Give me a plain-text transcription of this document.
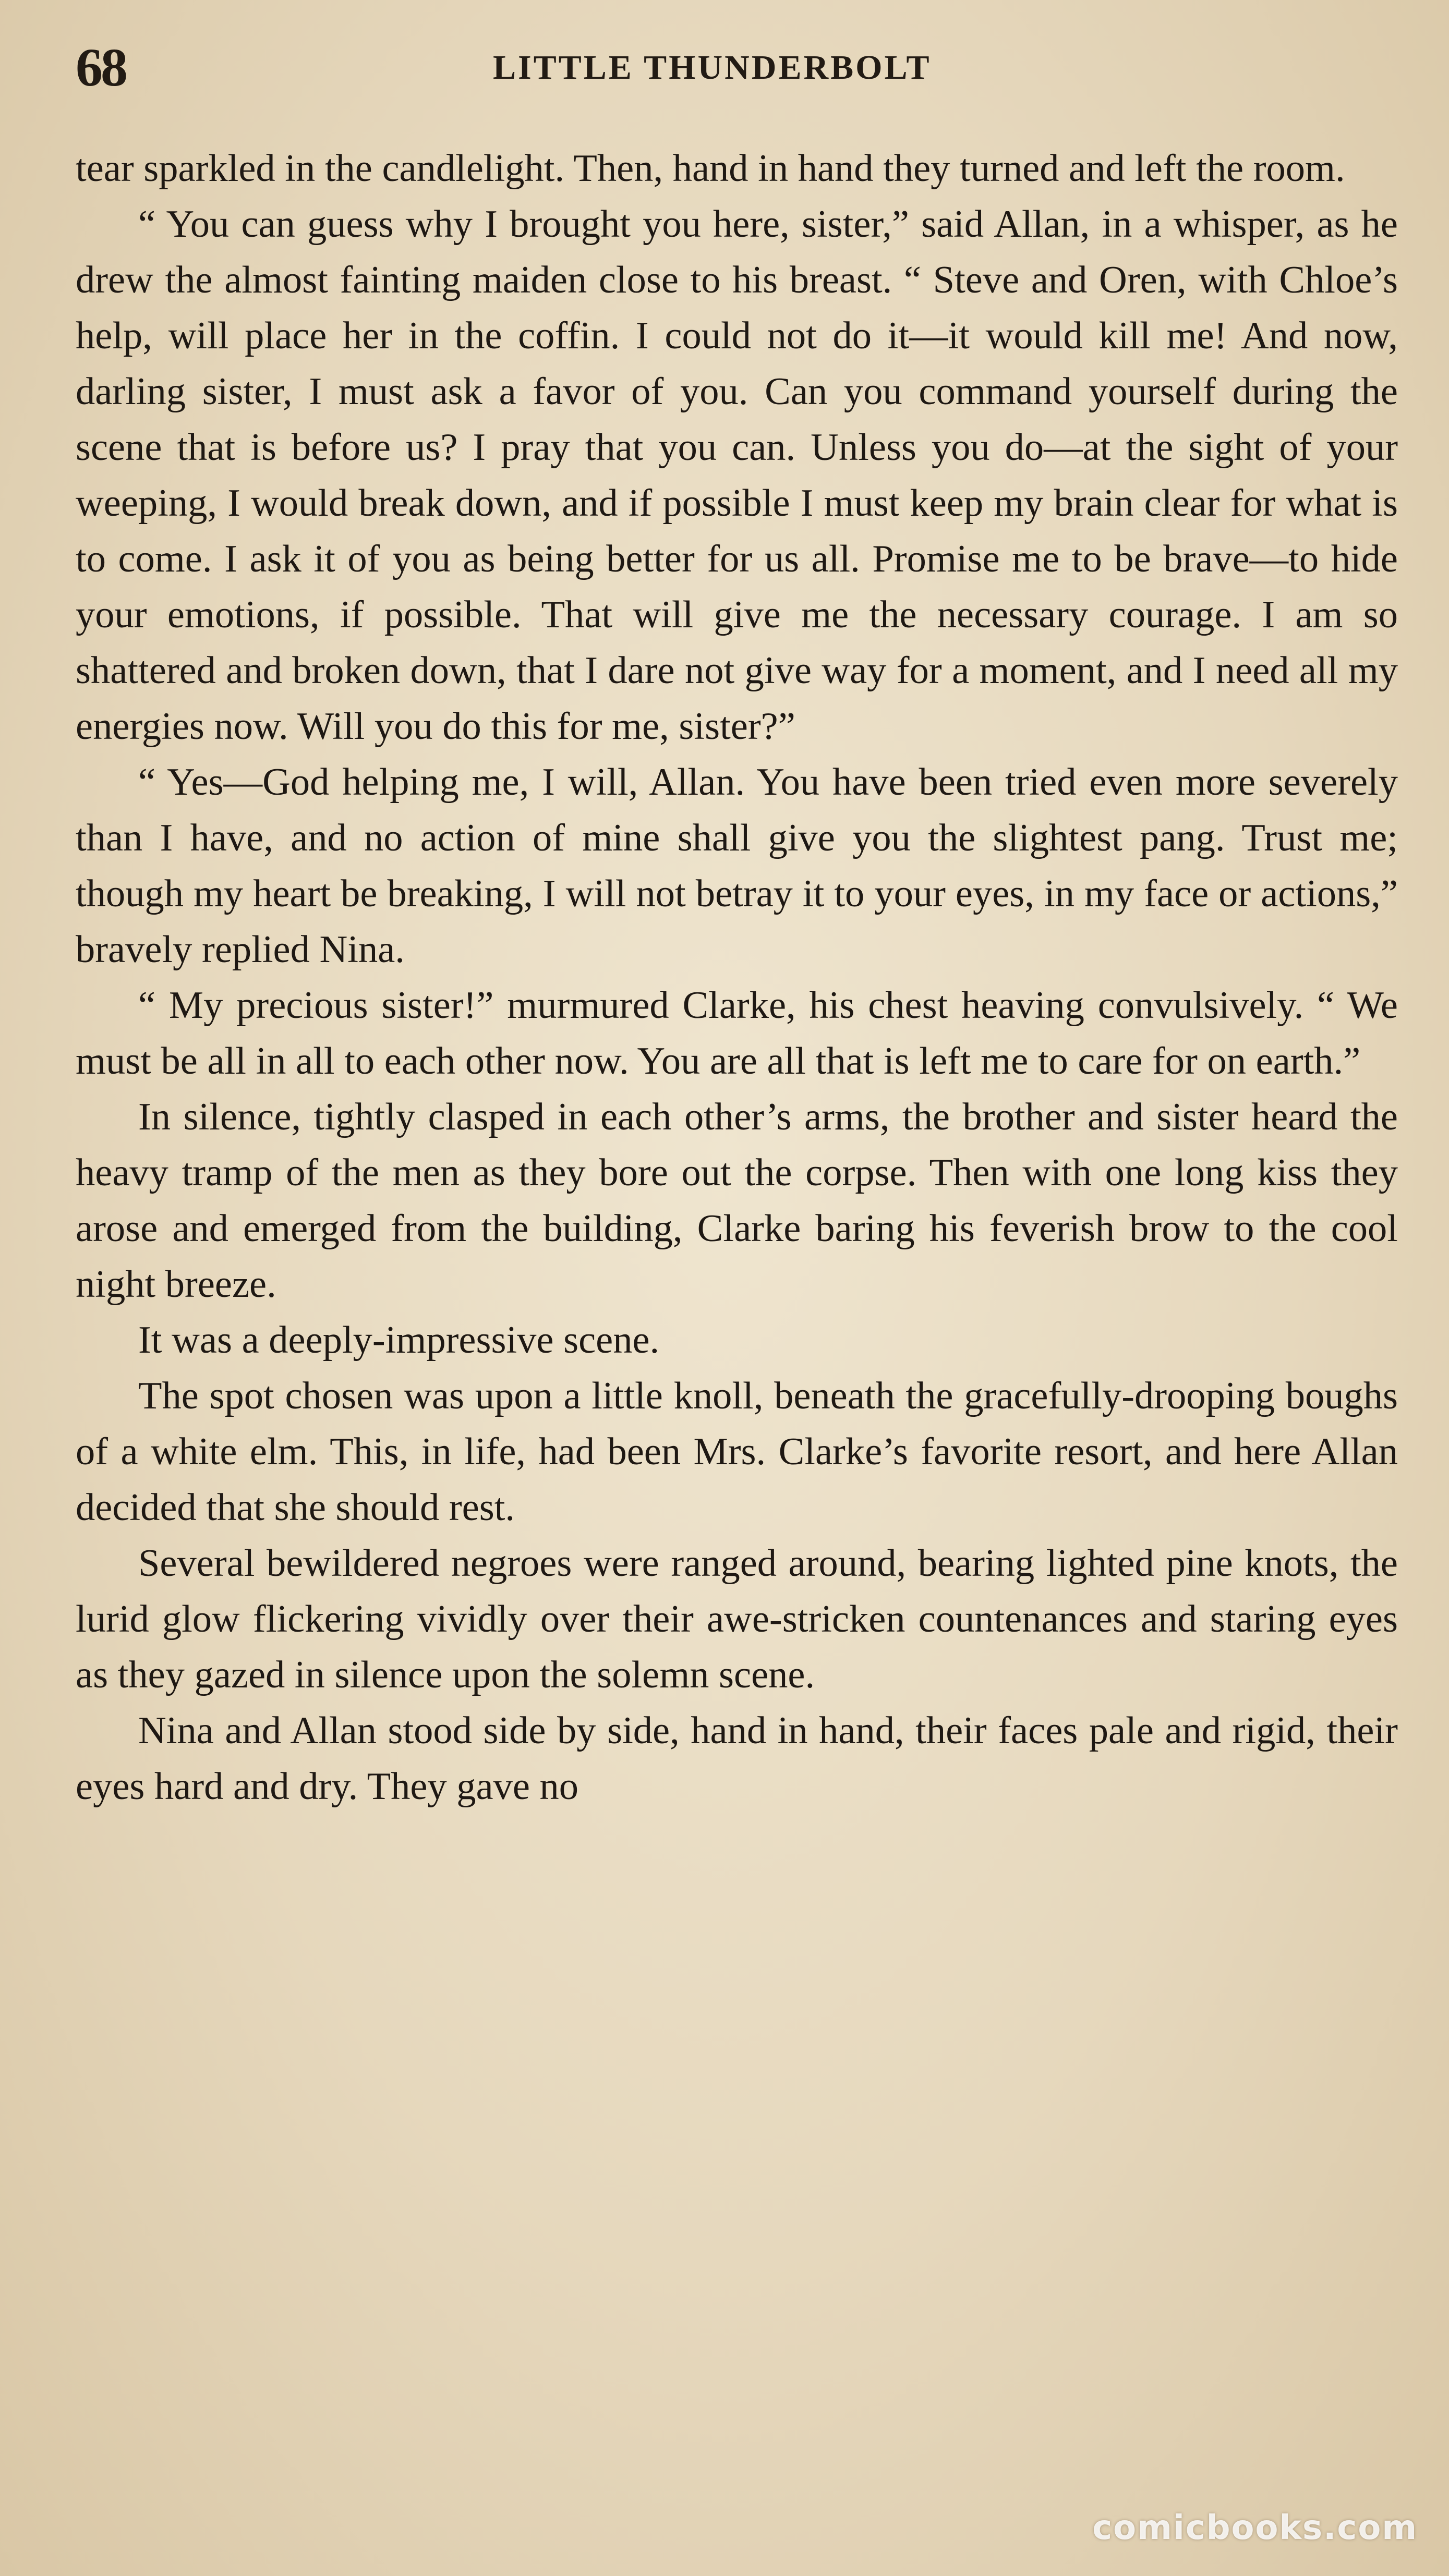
68	LITTLE THUNDERBOLT

tear sparkled in the candlelight. Then, hand in hand they turned and left the room.

“ You can guess why I brought you here, sister,” said Allan, in a whisper, as he drew the almost fainting maiden close to his breast. “ Steve and Oren, with Chloe’s help, will place her in the coffin. I could not do it—it would kill me! And now, darling sister, I must ask a favor of you. Can you command yourself during the scene that is before us? I pray that you can. Unless you do—at the sight of your weeping, I would break down, and if possible I must keep my brain clear for what is to come. I ask it of you as being better for us all. Promise me to be brave—to hide your emotions, if possible. That will give me the necessary courage. I am so shattered and broken down, that I dare not give way for a moment, and I need all my energies now. Will you do this for me, sister?”

“ Yes—God helping me, I will, Allan. You have been tried even more severely than I have, and no action of mine shall give you the slightest pang. Trust me; though my heart be breaking, I will not betray it to your eyes, in my face or actions,” bravely replied Nina.

“ My precious sister!” murmured Clarke, his chest heaving convulsively. “ We must be all in all to each other now. You are all that is left me to care for on earth.”

In silence, tightly clasped in each other’s arms, the brother and sister heard the heavy tramp of the men as they bore out the corpse. Then with one long kiss they arose and emerged from the building, Clarke baring his feverish brow to the cool night breeze.

It was a deeply-impressive scene.

The spot chosen was upon a little knoll, beneath the gracefully-drooping boughs of a white elm. This, in life, had been Mrs. Clarke’s favorite resort, and here Allan decided that she should rest.

Several bewildered negroes were ranged around, bearing lighted pine knots, the lurid glow flickering vividly over their awe-stricken countenances and staring eyes as they gazed in silence upon the solemn scene.

Nina and Allan stood side by side, hand in hand, their faces pale and rigid, their eyes hard and dry. They gave no

comicbooks.com
